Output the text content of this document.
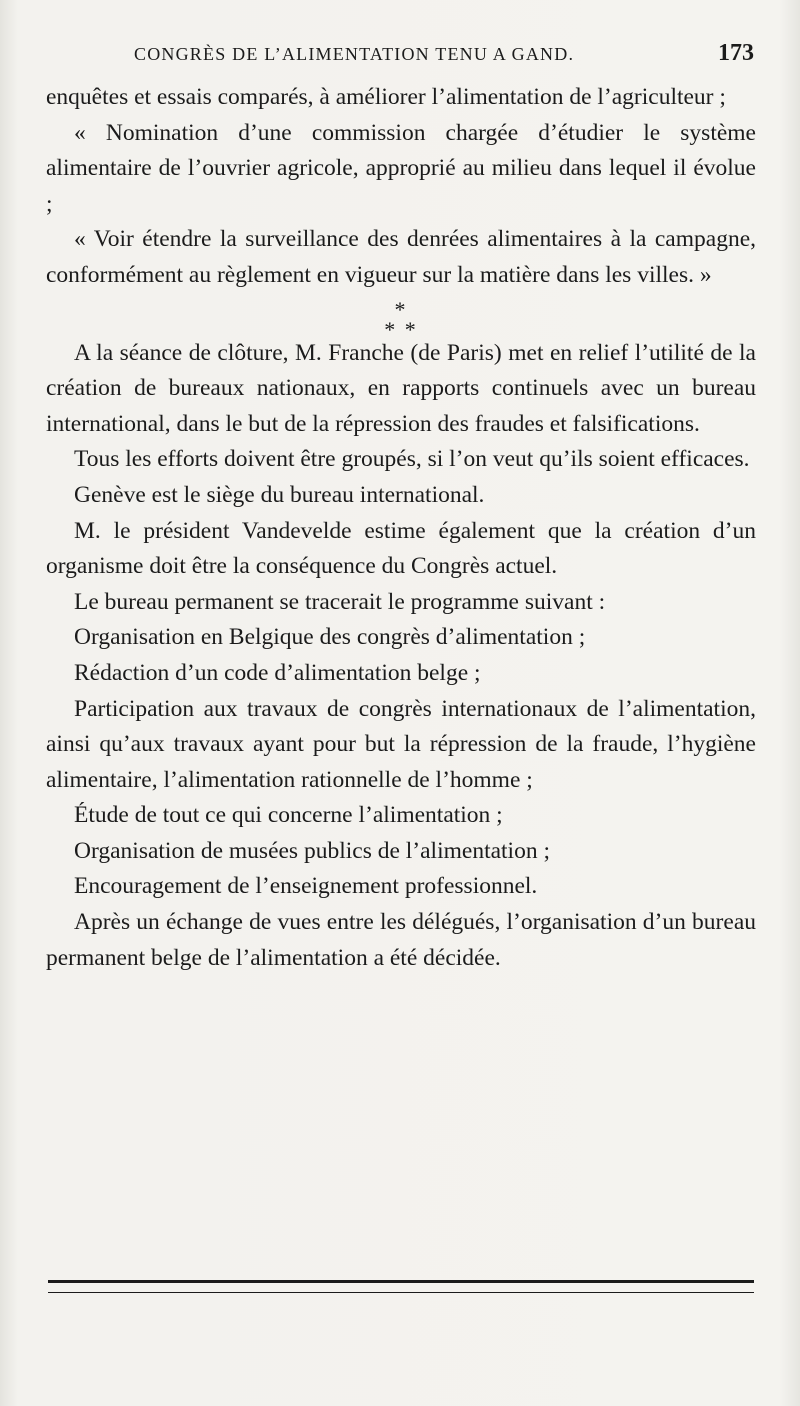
CONGRÈS DE L’ALIMENTATION TENU A GAND.	173

enquêtes et essais comparés, à améliorer l’alimentation de l’agriculteur ;

« Nomination d’une commission chargée d’étudier le système alimentaire de l’ouvrier agricole, approprié au milieu dans lequel il évolue ;

« Voir étendre la surveillance des denrées alimentaires à la campagne, conformément au règlement en vigueur sur la matière dans les villes. »

*
* *

A la séance de clôture, M. Franche (de Paris) met en relief l’utilité de la création de bureaux nationaux, en rapports continuels avec un bureau international, dans le but de la répression des fraudes et falsifications.

Tous les efforts doivent être groupés, si l’on veut qu’ils soient efficaces.

Genève est le siège du bureau international.

M. le président Vandevelde estime également que la création d’un organisme doit être la conséquence du Congrès actuel.

Le bureau permanent se tracerait le programme suivant :

Organisation en Belgique des congrès d’alimentation ;

Rédaction d’un code d’alimentation belge ;

Participation aux travaux de congrès internationaux de l’alimentation, ainsi qu’aux travaux ayant pour but la répression de la fraude, l’hygiène alimentaire, l’alimentation rationnelle de l’homme ;

Étude de tout ce qui concerne l’alimentation ;

Organisation de musées publics de l’alimentation ;

Encouragement de l’enseignement professionnel.

Après un échange de vues entre les délégués, l’organisation d’un bureau permanent belge de l’alimentation a été décidée.
